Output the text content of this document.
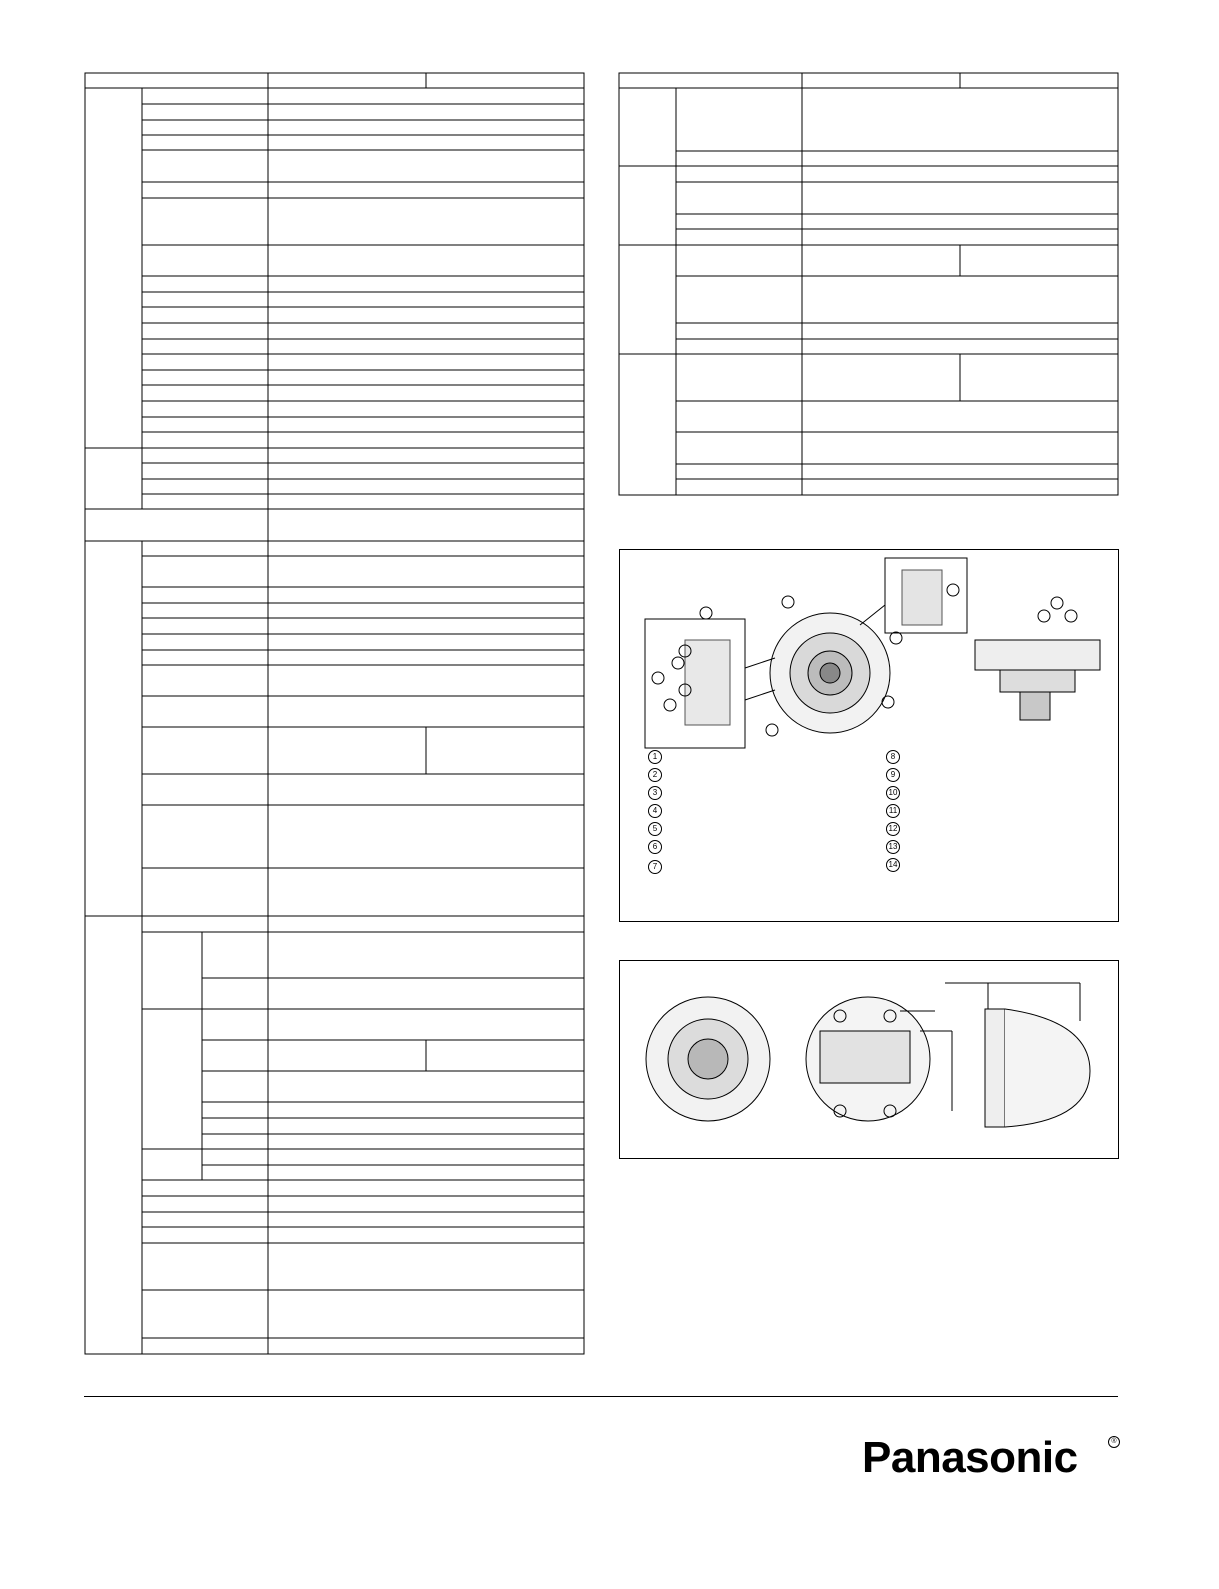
1
2
3
4
5
6
7
8
9
10
11
12
13
14
Panasonic	®
